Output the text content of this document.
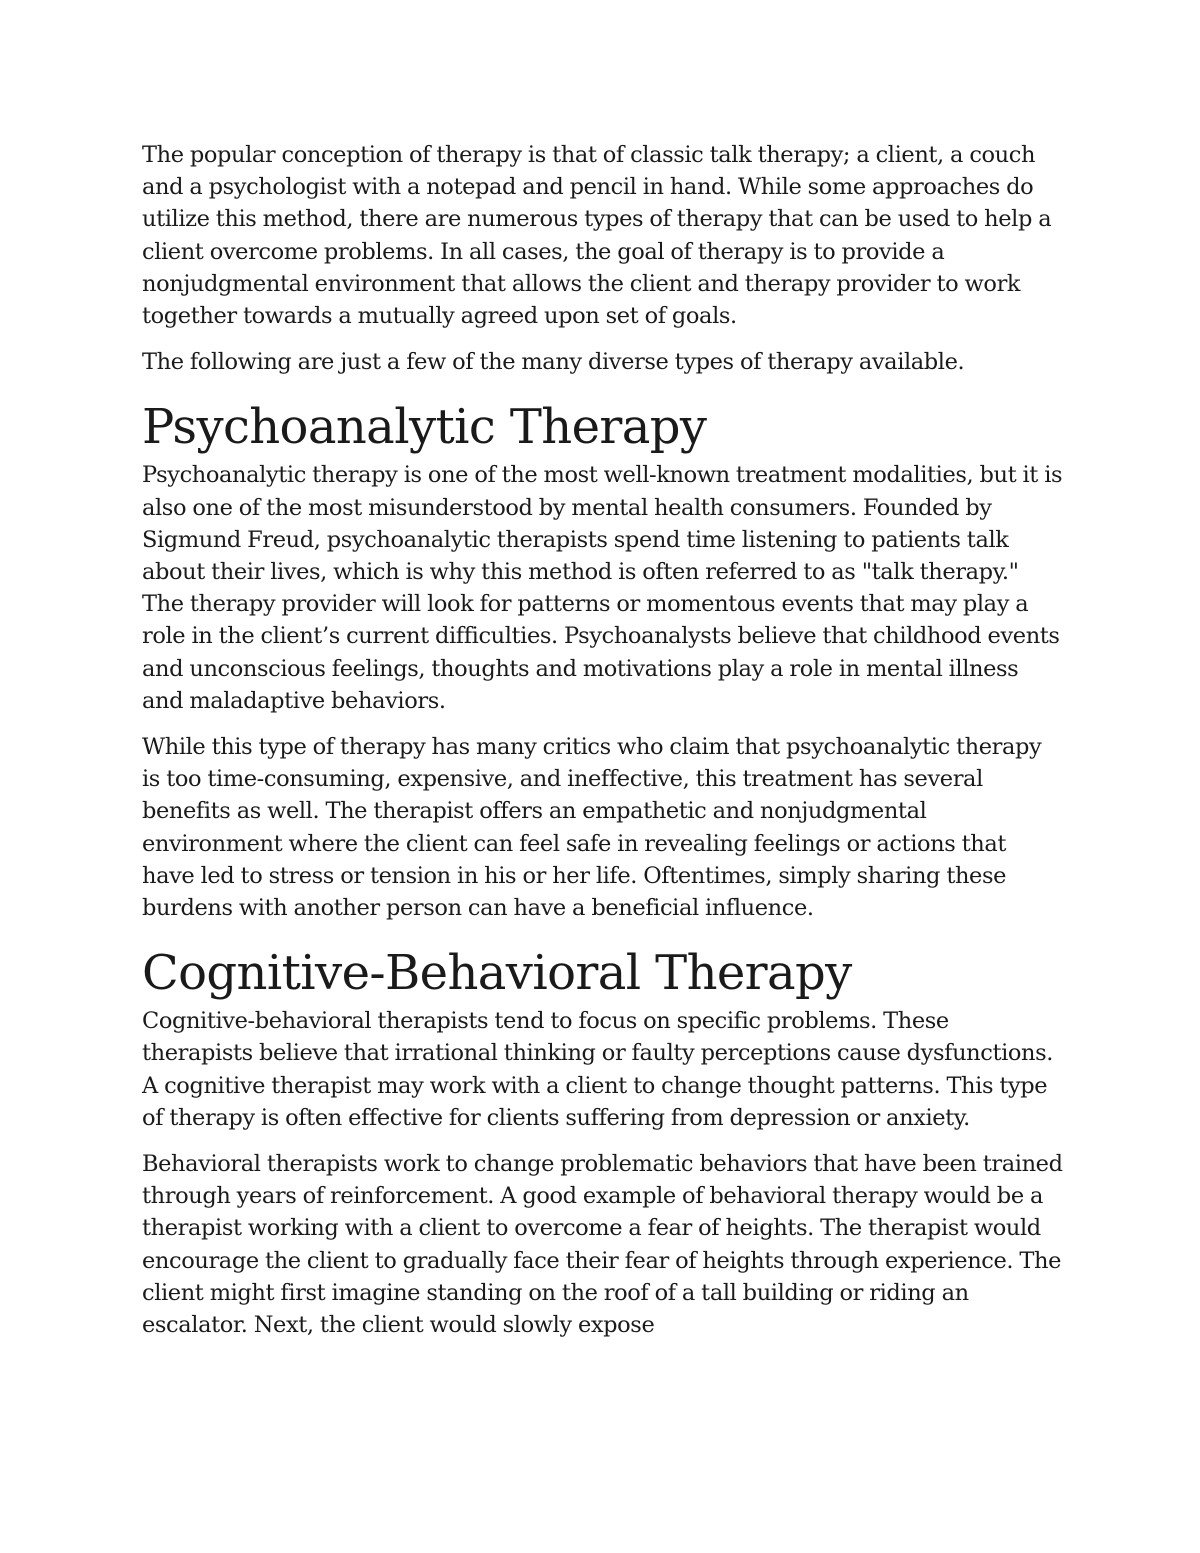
The popular conception of therapy is that of classic talk therapy; a client, a couch and a psychologist with a notepad and pencil in hand. While some approaches do utilize this method, there are numerous types of therapy that can be used to help a client overcome problems. In all cases, the goal of therapy is to provide a nonjudgmental environment that allows the client and therapy provider to work together towards a mutually agreed upon set of goals.

The following are just a few of the many diverse types of therapy available.

Psychoanalytic Therapy

Psychoanalytic therapy is one of the most well-known treatment modalities, but it is also one of the most misunderstood by mental health consumers. Founded by Sigmund Freud, psychoanalytic therapists spend time listening to patients talk about their lives, which is why this method is often referred to as "talk therapy." The therapy provider will look for patterns or momentous events that may play a role in the client’s current difficulties. Psychoanalysts believe that childhood events and unconscious feelings, thoughts and motivations play a role in mental illness and maladaptive behaviors.

While this type of therapy has many critics who claim that psychoanalytic therapy is too time-consuming, expensive, and ineffective, this treatment has several benefits as well. The therapist offers an empathetic and nonjudgmental environment where the client can feel safe in revealing feelings or actions that have led to stress or tension in his or her life. Oftentimes, simply sharing these burdens with another person can have a beneficial influence.

Cognitive-Behavioral Therapy

Cognitive-behavioral therapists tend to focus on specific problems. These therapists believe that irrational thinking or faulty perceptions cause dysfunctions. A cognitive therapist may work with a client to change thought patterns. This type of therapy is often effective for clients suffering from depression or anxiety.

Behavioral therapists work to change problematic behaviors that have been trained through years of reinforcement. A good example of behavioral therapy would be a therapist working with a client to overcome a fear of heights. The therapist would encourage the client to gradually face their fear of heights through experience. The client might first imagine standing on the roof of a tall building or riding an escalator. Next, the client would slowly expose
